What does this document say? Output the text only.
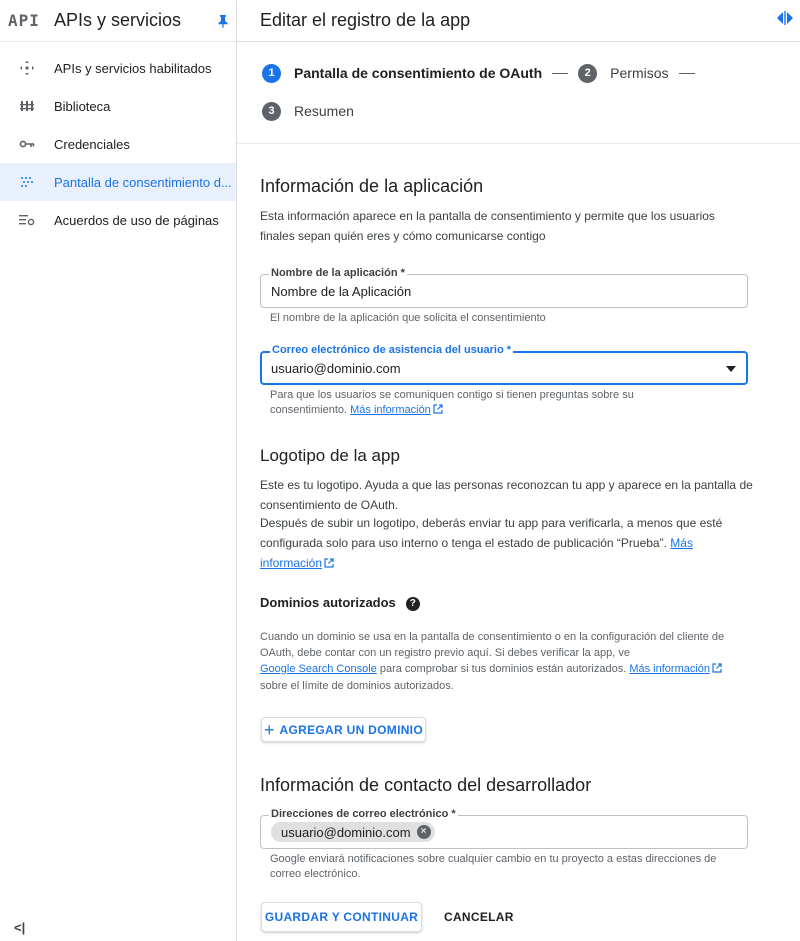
API APIs y servicios
APIs y servicios habilitados
Biblioteca
Credenciales
Pantalla de consentimiento d...
Acuerdos de uso de páginas
<|
Editar el registro de la app
1	Pantalla de consentimiento de OAuth	2	Permisos
3	Resumen
Información de la aplicación

Esta información aparece en la pantalla de consentimiento y permite que los usuarios finales sepan quién eres y cómo comunicarse contigo

Nombre de la aplicación *
Nombre de la Aplicación
El nombre de la aplicación que solicita el consentimiento
Correo electrónico de asistencia del usuario *
usuario@dominio.com
Para que los usuarios se comuniquen contigo si tienen preguntas sobre su consentimiento. Más información
Logotipo de la app

Este es tu logotipo. Ayuda a que las personas reconozcan tu app y aparece en la pantalla de consentimiento de OAuth.

Después de subir un logotipo, deberás enviar tu app para verificarla, a menos que esté configurada solo para uso interno o tenga el estado de publicación “Prueba”. Más información

Dominios autorizados ?

Cuando un dominio se usa en la pantalla de consentimiento o en la configuración del cliente de OAuth, debe contar con un registro previo aquí. Si debes verificar la app, ve
Google Search Console para comprobar si tus dominios están autorizados. Más información
sobre el límite de dominios autorizados.

+ AGREGAR UN DOMINIO
Información de contacto del desarrollador
Direcciones de correo electrónico *
usuario@dominio.com	×
Google enviará notificaciones sobre cualquier cambio en tu proyecto a estas direcciones de correo electrónico.
GUARDAR Y CONTINUAR CANCELAR
